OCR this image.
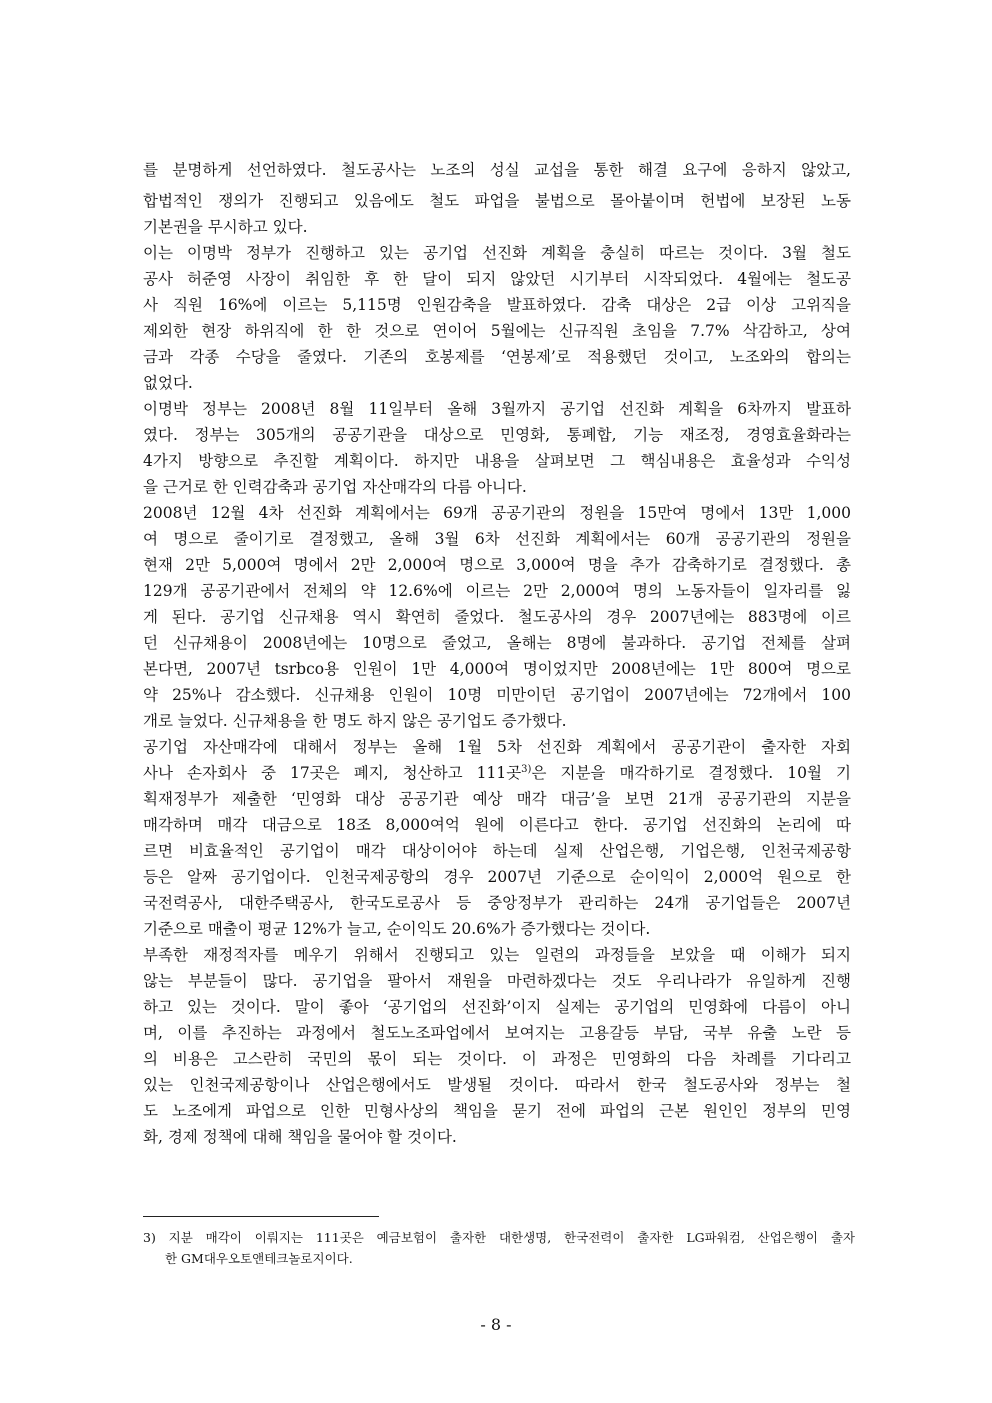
를 분명하게 선언하였다. 철도공사는 노조의 성실 교섭을 통한 해결 요구에 응하지 않았고,
합법적인 쟁의가 진행되고 있음에도 철도 파업을 불법으로 몰아붙이며 헌법에 보장된 노동
기본권을 무시하고 있다.
이는 이명박 정부가 진행하고 있는 공기업 선진화 계획을 충실히 따르는 것이다. 3월 철도
공사 허준영 사장이 취임한 후 한 달이 되지 않았던 시기부터 시작되었다. 4월에는 철도공
사 직원 16%에 이르는 5,115명 인원감축을 발표하였다. 감축 대상은 2급 이상 고위직을
제외한 현장 하위직에 한 한 것으로 연이어 5월에는 신규직원 초임을 7.7% 삭감하고, 상여
금과 각종 수당을 줄였다. 기존의 호봉제를 ‘연봉제’로 적용했던 것이고, 노조와의 합의는
없었다.
이명박 정부는 2008년 8월 11일부터 올해 3월까지 공기업 선진화 계획을 6차까지 발표하
였다. 정부는 305개의 공공기관을 대상으로 민영화, 통폐합, 기능 재조정, 경영효율화라는
4가지 방향으로 추진할 계획이다. 하지만 내용을 살펴보면 그 핵심내용은 효율성과 수익성
을 근거로 한 인력감축과 공기업 자산매각의 다름 아니다.
2008년 12월 4차 선진화 계획에서는 69개 공공기관의 정원을 15만여 명에서 13만 1,000
여 명으로 줄이기로 결정했고, 올해 3월 6차 선진화 계획에서는 60개 공공기관의 정원을
현재 2만 5,000여 명에서 2만 2,000여 명으로 3,000여 명을 추가 감축하기로 결정했다. 총
129개 공공기관에서 전체의 약 12.6%에 이르는 2만 2,000여 명의 노동자들이 일자리를 잃
게 된다. 공기업 신규채용 역시 확연히 줄었다. 철도공사의 경우 2007년에는 883명에 이르
던 신규채용이 2008년에는 10명으로 줄었고, 올해는 8명에 불과하다. 공기업 전체를 살펴
본다면, 2007년 tsrbco용 인원이 1만 4,000여 명이었지만 2008년에는 1만 800여 명으로
약 25%나 감소했다. 신규채용 인원이 10명 미만이던 공기업이 2007년에는 72개에서 100
개로 늘었다. 신규채용을 한 명도 하지 않은 공기업도 증가했다.
공기업 자산매각에 대해서 정부는 올해 1월 5차 선진화 계획에서 공공기관이 출자한 자회
사나 손자회사 중 17곳은 폐지, 청산하고 111곳$^{3)}$은 지분을 매각하기로 결정했다. 10월 기
획재정부가 제출한 ‘민영화 대상 공공기관 예상 매각 대금’을 보면 21개 공공기관의 지분을
매각하며 매각 대금으로 18조 8,000여억 원에 이른다고 한다. 공기업 선진화의 논리에 따
르면 비효율적인 공기업이 매각 대상이어야 하는데 실제 산업은행, 기업은행, 인천국제공항
등은 알짜 공기업이다. 인천국제공항의 경우 2007년 기준으로 순이익이 2,000억 원으로 한
국전력공사, 대한주택공사, 한국도로공사 등 중앙정부가 관리하는 24개 공기업들은 2007년
기준으로 매출이 평균 12%가 늘고, 순이익도 20.6%가 증가했다는 것이다.
부족한 재정적자를 메우기 위해서 진행되고 있는 일련의 과정들을 보았을 때 이해가 되지
않는 부분들이 많다. 공기업을 팔아서 재원을 마련하겠다는 것도 우리나라가 유일하게 진행
하고 있는 것이다. 말이 좋아 ‘공기업의 선진화’이지 실제는 공기업의 민영화에 다름이 아니
며, 이를 추진하는 과정에서 철도노조파업에서 보여지는 고용갈등 부담, 국부 유출 노란 등
의 비용은 고스란히 국민의 몫이 되는 것이다. 이 과정은 민영화의 다음 차례를 기다리고
있는 인천국제공항이나 산업은행에서도 발생될 것이다. 따라서 한국 철도공사와 정부는 철
도 노조에게 파업으로 인한 민형사상의 책임을 묻기 전에 파업의 근본 원인인 정부의 민영
화, 경제 정책에 대해 책임을 물어야 할 것이다.
3) 지분 매각이 이뤄지는 111곳은 예금보험이 출자한 대한생명, 한국전력이 출자한 LG파워컴, 산업은행이 출자
한 GM대우오토앤테크놀로지이다.
- 8 -
